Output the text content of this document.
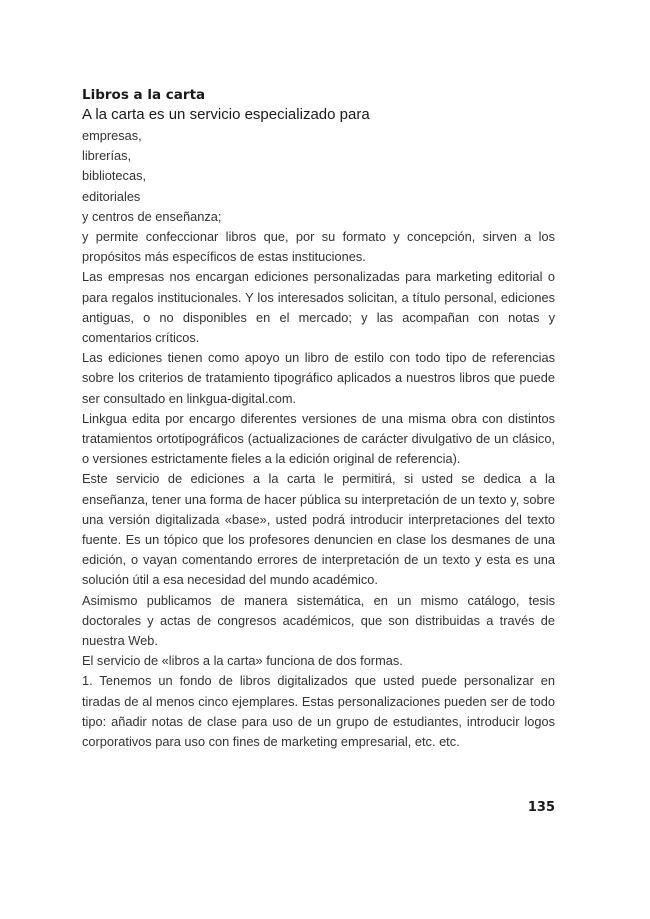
Libros a la carta

A la carta es un servicio especializado para

empresas,

librerías,

bibliotecas,

editoriales

y centros de enseñanza;

y permite confeccionar libros que, por su formato y concepción, sirven a los propósitos más específicos de estas instituciones.

Las empresas nos encargan ediciones personalizadas para marketing editorial o para regalos institucionales. Y los interesados solicitan, a título personal, ediciones antiguas, o no disponibles en el mercado; y las acompañan con notas y comentarios críticos.

Las ediciones tienen como apoyo un libro de estilo con todo tipo de referencias sobre los criterios de tratamiento tipográfico aplicados a nuestros libros que puede ser consultado en linkgua-digital.com.

Linkgua edita por encargo diferentes versiones de una misma obra con distintos tratamientos ortotipográficos (actualizaciones de carácter divulgativo de un clásico, o versiones estrictamente fieles a la edición original de referencia).

Este servicio de ediciones a la carta le permitirá, si usted se dedica a la enseñanza, tener una forma de hacer pública su interpretación de un texto y, sobre una versión digitalizada «base», usted podrá introducir interpretaciones del texto fuente. Es un tópico que los profesores denuncien en clase los desmanes de una edición, o vayan comentando errores de interpretación de un texto y esta es una solución útil a esa necesidad del mundo académico.

Asimismo publicamos de manera sistemática, en un mismo catálogo, tesis doctorales y actas de congresos académicos, que son distribuidas a través de nuestra Web.

El servicio de «libros a la carta» funciona de dos formas.

1. Tenemos un fondo de libros digitalizados que usted puede personalizar en tiradas de al menos cinco ejemplares. Estas personalizaciones pueden ser de todo tipo: añadir notas de clase para uso de un grupo de estudiantes, introducir logos corporativos para uso con fines de marketing empresarial, etc. etc.

135
